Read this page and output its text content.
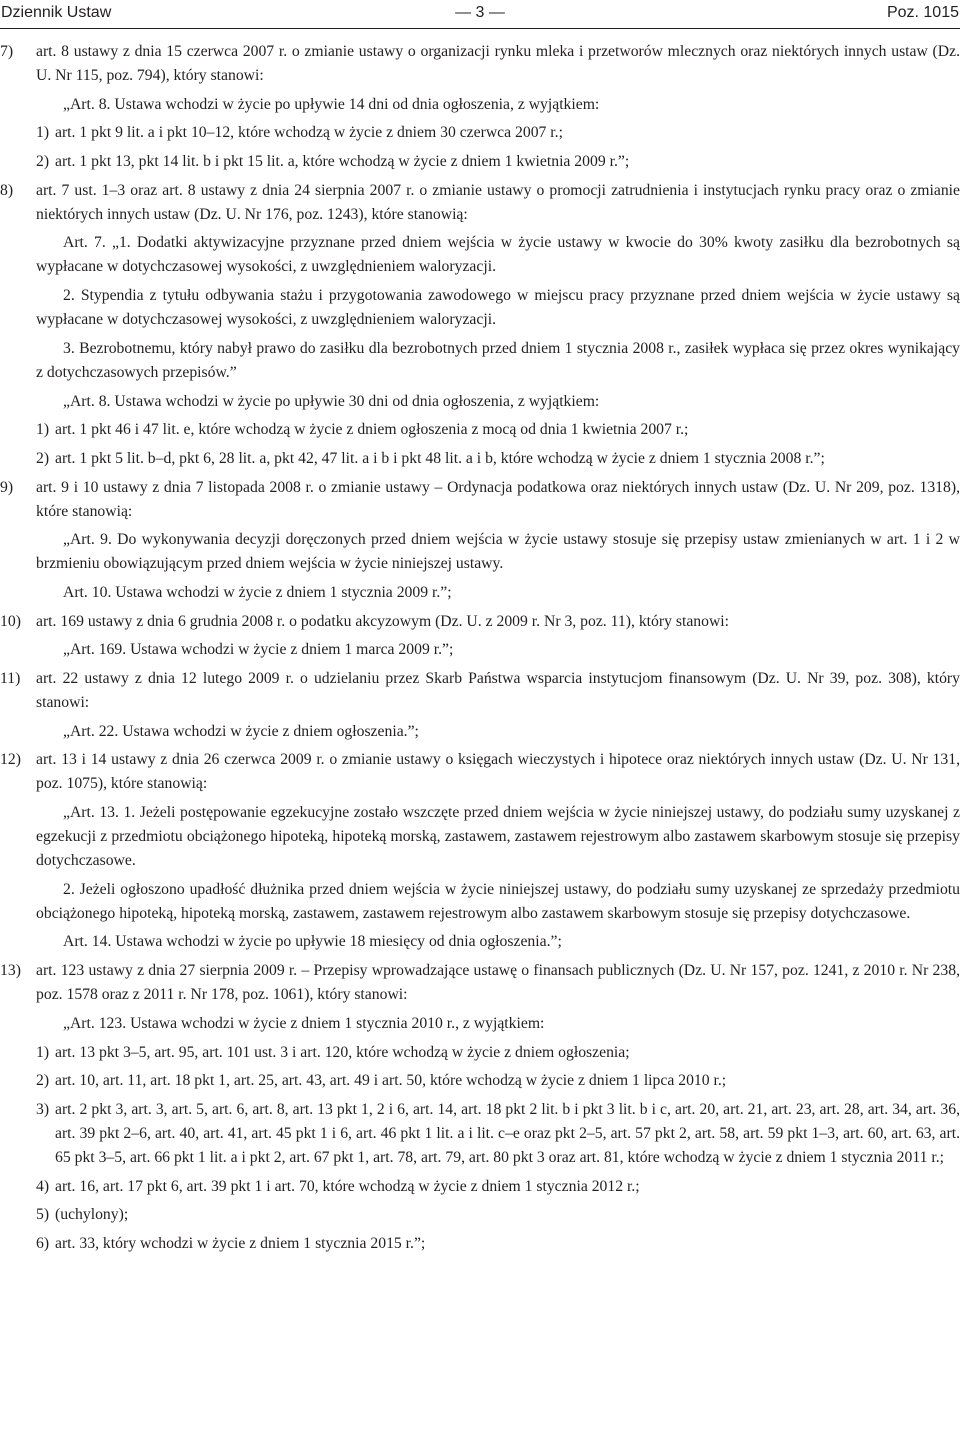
Dziennik Ustaw	— 3 —	Poz. 1015
7) art. 8 ustawy z dnia 15 czerwca 2007 r. o zmianie ustawy o organizacji rynku mleka i przetworów mlecznych oraz niektórych innych ustaw (Dz. U. Nr 115, poz. 794), który stanowi:
„Art. 8. Ustawa wchodzi w życie po upływie 14 dni od dnia ogłoszenia, z wyjątkiem:
1) art. 1 pkt 9 lit. a i pkt 10–12, które wchodzą w życie z dniem 30 czerwca 2007 r.;
2) art. 1 pkt 13, pkt 14 lit. b i pkt 15 lit. a, które wchodzą w życie z dniem 1 kwietnia 2009 r.”;
8) art. 7 ust. 1–3 oraz art. 8 ustawy z dnia 24 sierpnia 2007 r. o zmianie ustawy o promocji zatrudnienia i instytucjach rynku pracy oraz o zmianie niektórych innych ustaw (Dz. U. Nr 176, poz. 1243), które stanowią:
Art. 7. „1. Dodatki aktywizacyjne przyznane przed dniem wejścia w życie ustawy w kwocie do 30% kwoty zasiłku dla bezrobotnych są wypłacane w dotychczasowej wysokości, z uwzględnieniem waloryzacji.
2. Stypendia z tytułu odbywania stażu i przygotowania zawodowego w miejscu pracy przyznane przed dniem wejścia w życie ustawy są wypłacane w dotychczasowej wysokości, z uwzględnieniem waloryzacji.
3. Bezrobotnemu, który nabył prawo do zasiłku dla bezrobotnych przed dniem 1 stycznia 2008 r., zasiłek wypłaca się przez okres wynikający z dotychczasowych przepisów.”
„Art. 8. Ustawa wchodzi w życie po upływie 30 dni od dnia ogłoszenia, z wyjątkiem:
1) art. 1 pkt 46 i 47 lit. e, które wchodzą w życie z dniem ogłoszenia z mocą od dnia 1 kwietnia 2007 r.;
2) art. 1 pkt 5 lit. b–d, pkt 6, 28 lit. a, pkt 42, 47 lit. a i b i pkt 48 lit. a i b, które wchodzą w życie z dniem 1 stycznia 2008 r.”;
9) art. 9 i 10 ustawy z dnia 7 listopada 2008 r. o zmianie ustawy – Ordynacja podatkowa oraz niektórych innych ustaw (Dz. U. Nr 209, poz. 1318), które stanowią:
„Art. 9. Do wykonywania decyzji doręczonych przed dniem wejścia w życie ustawy stosuje się przepisy ustaw zmienianych w art. 1 i 2 w brzmieniu obowiązującym przed dniem wejścia w życie niniejszej ustawy.
Art. 10. Ustawa wchodzi w życie z dniem 1 stycznia 2009 r.”;
10) art. 169 ustawy z dnia 6 grudnia 2008 r. o podatku akcyzowym (Dz. U. z 2009 r. Nr 3, poz. 11), który stanowi:
„Art. 169. Ustawa wchodzi w życie z dniem 1 marca 2009 r.”;
11) art. 22 ustawy z dnia 12 lutego 2009 r. o udzielaniu przez Skarb Państwa wsparcia instytucjom finansowym (Dz. U. Nr 39, poz. 308), który stanowi:
„Art. 22. Ustawa wchodzi w życie z dniem ogłoszenia.”;
12) art. 13 i 14 ustawy z dnia 26 czerwca 2009 r. o zmianie ustawy o księgach wieczystych i hipotece oraz niektórych innych ustaw (Dz. U. Nr 131, poz. 1075), które stanowią:
„Art. 13. 1. Jeżeli postępowanie egzekucyjne zostało wszczęte przed dniem wejścia w życie niniejszej ustawy, do podziału sumy uzyskanej z egzekucji z przedmiotu obciążonego hipoteką, hipoteką morską, zastawem, zastawem rejestrowym albo zastawem skarbowym stosuje się przepisy dotychczasowe.
2. Jeżeli ogłoszono upadłość dłużnika przed dniem wejścia w życie niniejszej ustawy, do podziału sumy uzyskanej ze sprzedaży przedmiotu obciążonego hipoteką, hipoteką morską, zastawem, zastawem rejestrowym albo zastawem skarbowym stosuje się przepisy dotychczasowe.
Art. 14. Ustawa wchodzi w życie po upływie 18 miesięcy od dnia ogłoszenia.”;
13) art. 123 ustawy z dnia 27 sierpnia 2009 r. – Przepisy wprowadzające ustawę o finansach publicznych (Dz. U. Nr 157, poz. 1241, z 2010 r. Nr 238, poz. 1578 oraz z 2011 r. Nr 178, poz. 1061), który stanowi:
„Art. 123. Ustawa wchodzi w życie z dniem 1 stycznia 2010 r., z wyjątkiem:
1) art. 13 pkt 3–5, art. 95, art. 101 ust. 3 i art. 120, które wchodzą w życie z dniem ogłoszenia;
2) art. 10, art. 11, art. 18 pkt 1, art. 25, art. 43, art. 49 i art. 50, które wchodzą w życie z dniem 1 lipca 2010 r.;
3) art. 2 pkt 3, art. 3, art. 5, art. 6, art. 8, art. 13 pkt 1, 2 i 6, art. 14, art. 18 pkt 2 lit. b i pkt 3 lit. b i c, art. 20, art. 21, art. 23, art. 28, art. 34, art. 36, art. 39 pkt 2–6, art. 40, art. 41, art. 45 pkt 1 i 6, art. 46 pkt 1 lit. a i lit. c–e oraz pkt 2–5, art. 57 pkt 2, art. 58, art. 59 pkt 1–3, art. 60, art. 63, art. 65 pkt 3–5, art. 66 pkt 1 lit. a i pkt 2, art. 67 pkt 1, art. 78, art. 79, art. 80 pkt 3 oraz art. 81, które wchodzą w życie z dniem 1 stycznia 2011 r.;
4) art. 16, art. 17 pkt 6, art. 39 pkt 1 i art. 70, które wchodzą w życie z dniem 1 stycznia 2012 r.;
5) (uchylony);
6) art. 33, który wchodzi w życie z dniem 1 stycznia 2015 r.”;
